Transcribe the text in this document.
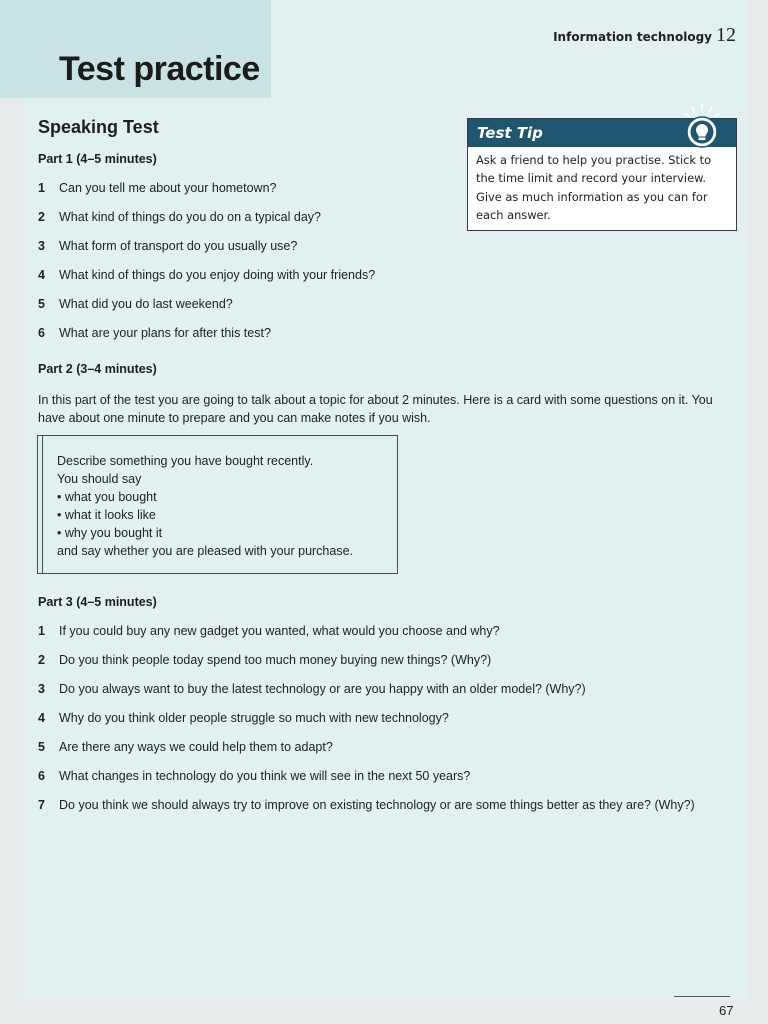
Test practice
Information technology 12
Speaking Test	Test Tip

Ask a friend to help you practise. Stick to the time limit and record your interview. Give as much information as you can for each answer.

Part 1 (4–5 minutes)
1 Can you tell me about your hometown?
2 What kind of things do you do on a typical day?
3 What form of transport do you usually use?
4 What kind of things do you enjoy doing with your friends?
5 What did you do last weekend?
6 What are your plans for after this test?
Part 2 (3–4 minutes)

In this part of the test you are going to talk about a topic for about 2 minutes. Here is a card with some questions on it. You have about one minute to prepare and you can make notes if you wish.

Describe something you have bought recently.
You should say
• what you bought
• what it looks like
• why you bought it
and say whether you are pleased with your purchase.
Part 3 (4–5 minutes)
1 If you could buy any new gadget you wanted, what would you choose and why?
2 Do you think people today spend too much money buying new things? (Why?)
3 Do you always want to buy the latest technology or are you happy with an older model? (Why?)
4 Why do you think older people struggle so much with new technology?
5 Are there any ways we could help them to adapt?
6 What changes in technology do you think we will see in the next 50 years?
7 Do you think we should always try to improve on existing technology or are some things better as they are? (Why?)
67
